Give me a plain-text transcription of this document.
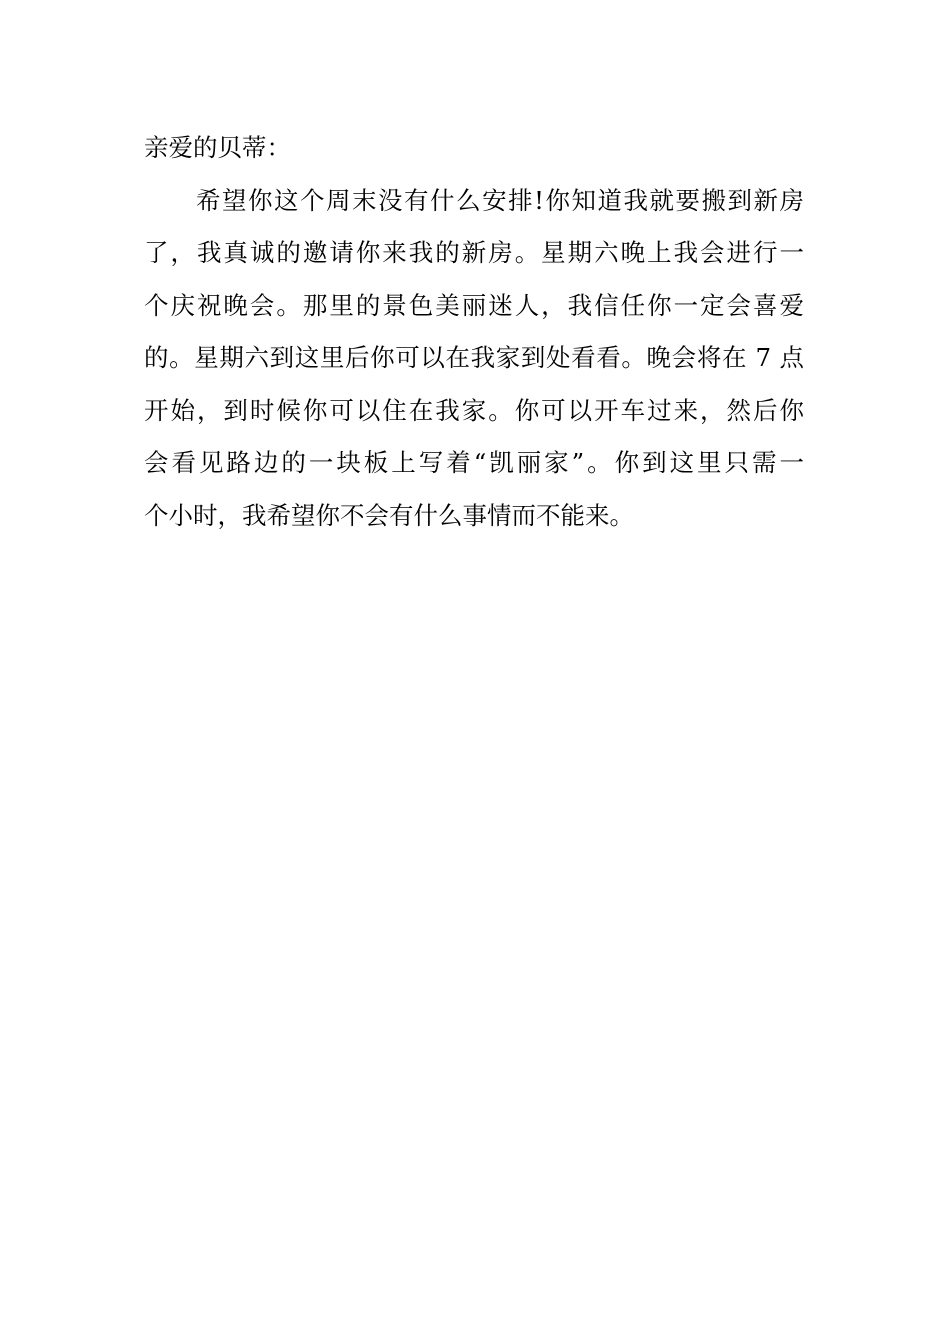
亲爱的贝蒂：
希望你这个周末没有什么安排!你知道我就要搬到新房
了，我真诚的邀请你来我的新房。星期六晚上我会进行一
个庆祝晚会。那里的景色美丽迷人，我信任你一定会喜爱
的。星期六到这里后你可以在我家到处看看。晚会将在 7 点
开始，到时候你可以住在我家。你可以开车过来，然后你
会看见路边的一块板上写着“凯丽家”。你到这里只需一
个小时，我希望你不会有什么事情而不能来。
